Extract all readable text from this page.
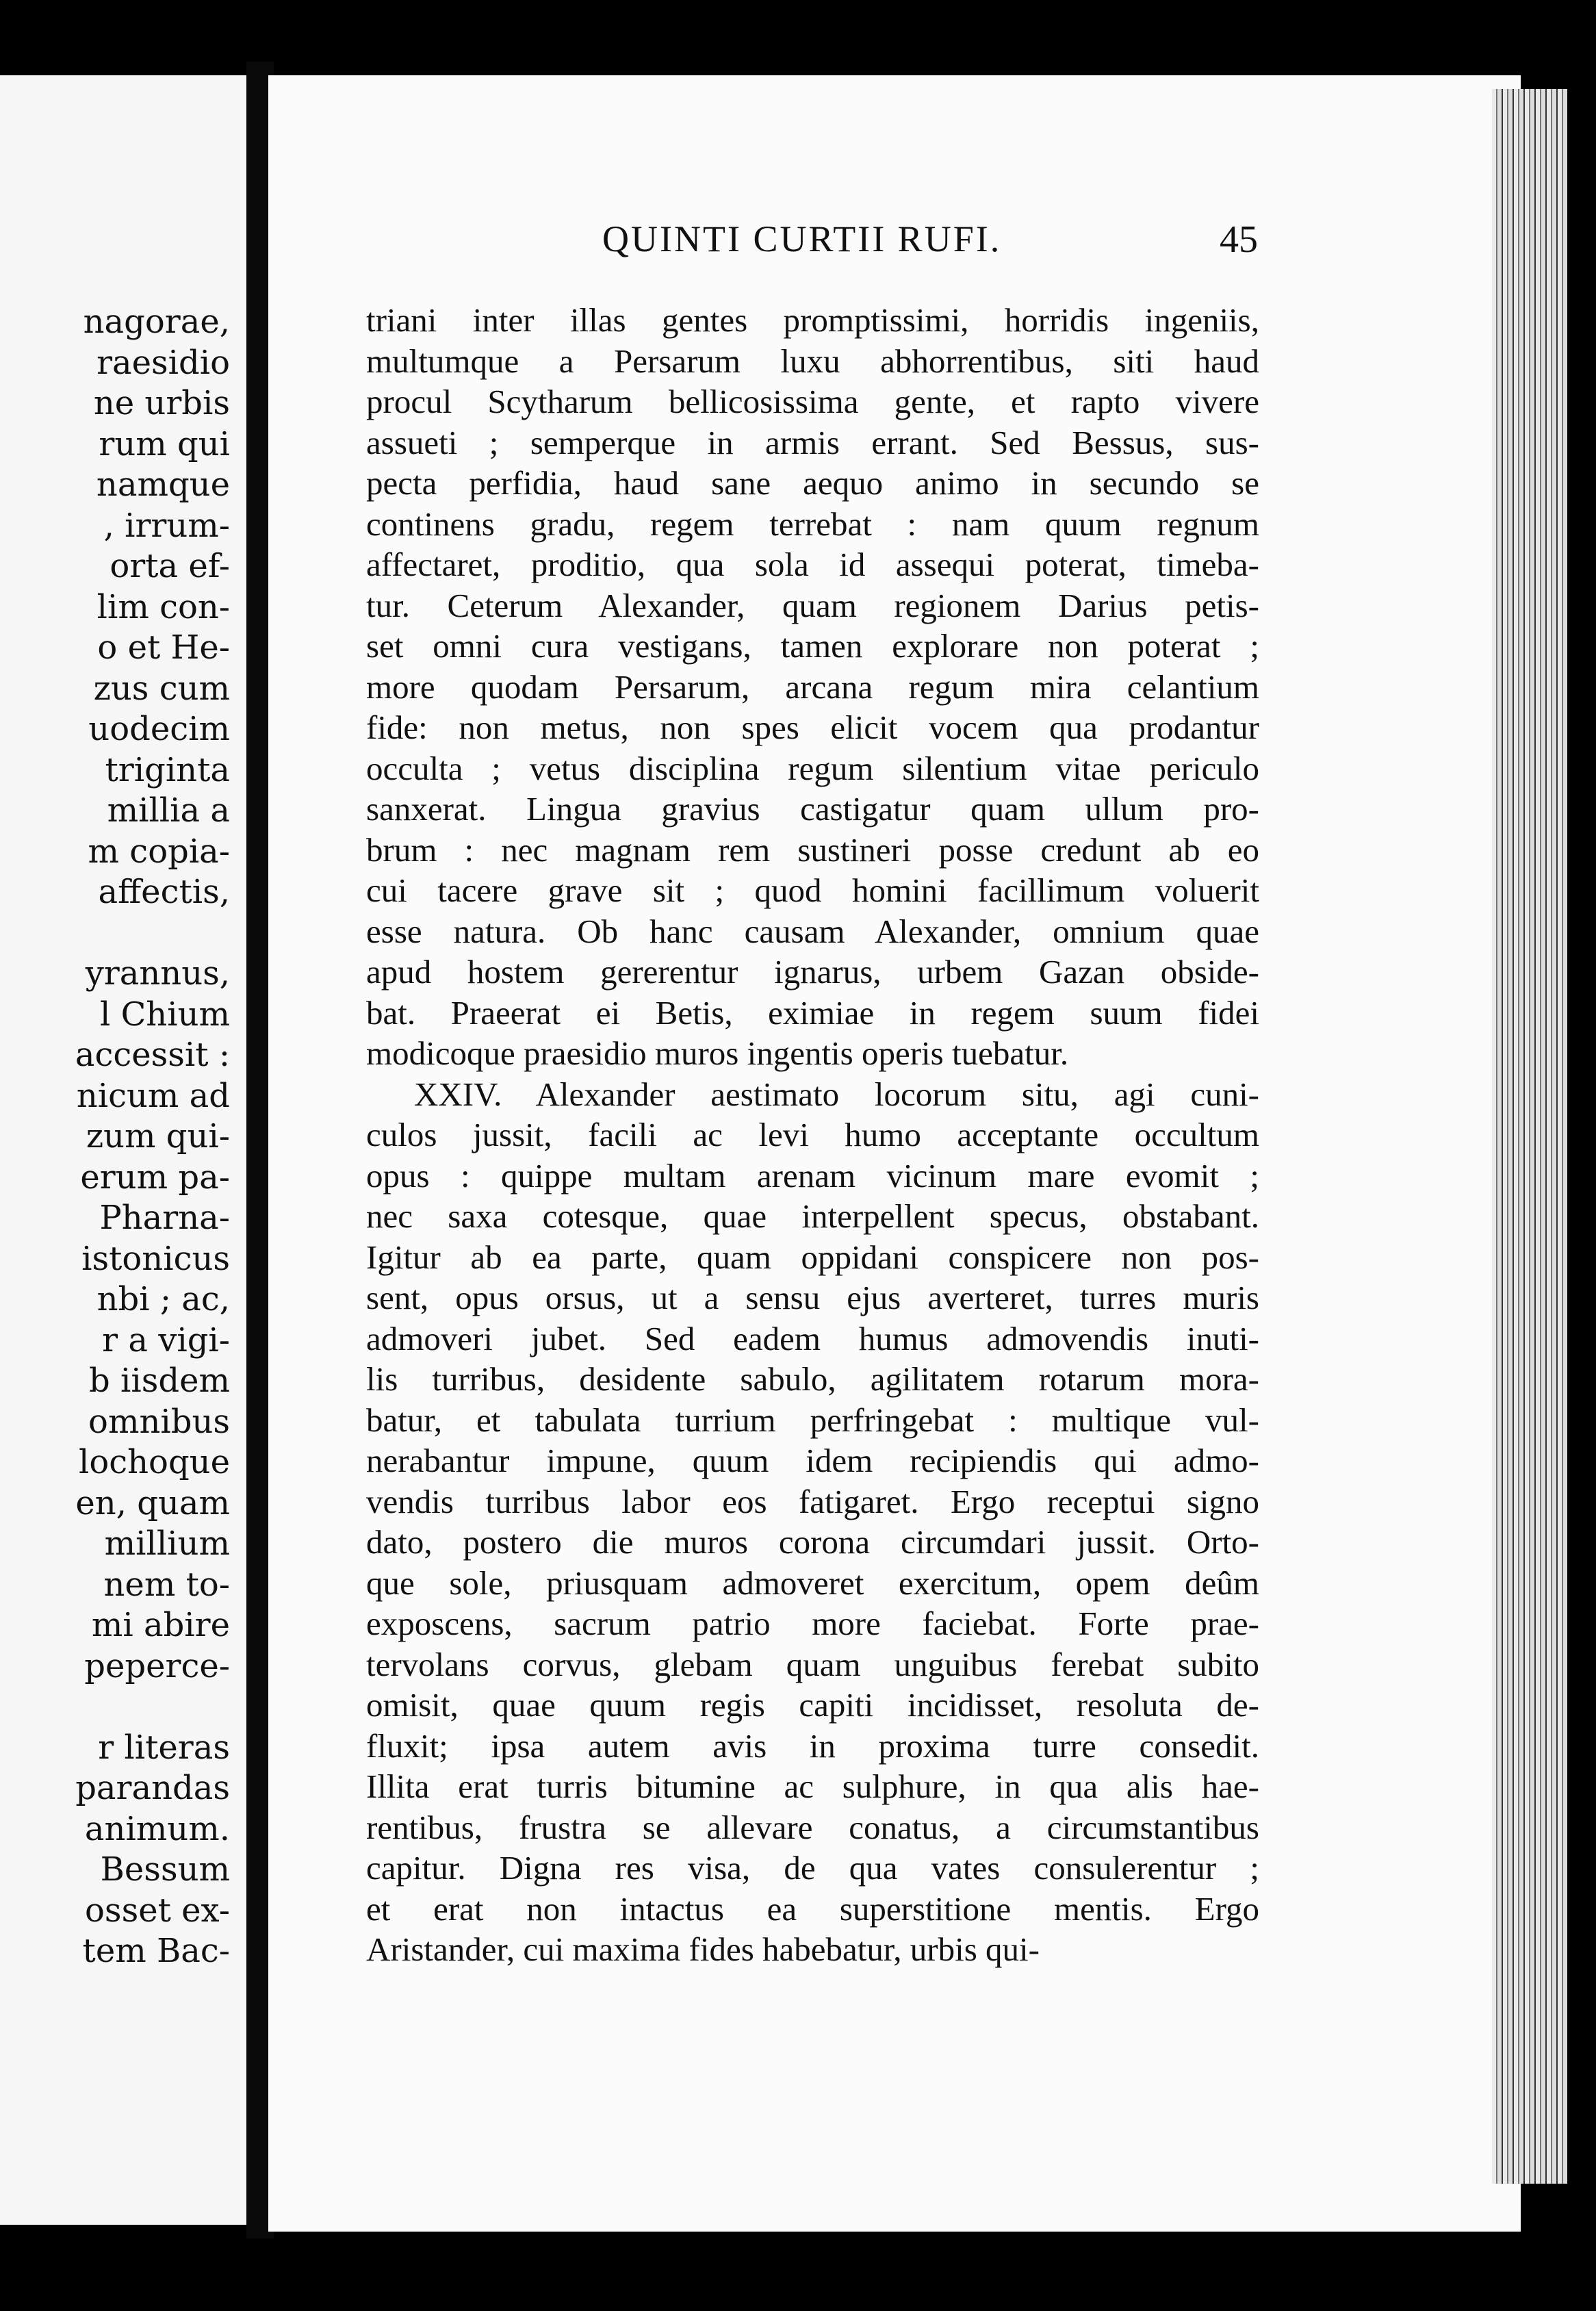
nagorae,
raesidio
ne urbis
rum qui
namque
, irrum-
orta ef-
lim con-
o et He-
zus cum
uodecim
triginta
millia a
m copia-
affectis,
yrannus,
l Chium
accessit :
nicum ad
zum qui-
erum pa-
Pharna-
istonicus
nbi ; ac,
r a vigi-
b iisdem
omnibus
lochoque
en, quam
millium
nem to-
mi abire
peperce-
r literas
parandas
animum.
Bessum
osset ex-
tem Bac-
QUINTI CURTII RUFI.	45
triani inter illas gentes promptissimi, horridis ingeniis,
multumque a Persarum luxu abhorrentibus, siti haud
procul Scytharum bellicosissima gente, et rapto vivere
assueti ; semperque in armis errant. Sed Bessus, sus-
pecta perfidia, haud sane aequo animo in secundo se
continens gradu, regem terrebat : nam quum regnum
affectaret, proditio, qua sola id assequi poterat, timeba-
tur. Ceterum Alexander, quam regionem Darius petis-
set omni cura vestigans, tamen explorare non poterat ;
more quodam Persarum, arcana regum mira celantium
fide: non metus, non spes elicit vocem qua prodantur
occulta ; vetus disciplina regum silentium vitae periculo
sanxerat. Lingua gravius castigatur quam ullum pro-
brum : nec magnam rem sustineri posse credunt ab eo
cui tacere grave sit ; quod homini facillimum voluerit
esse natura. Ob hanc causam Alexander, omnium quae
apud hostem gererentur ignarus, urbem Gazan obside-
bat. Praeerat ei Betis, eximiae in regem suum fidei
modicoque praesidio muros ingentis operis tuebatur.
XXIV. Alexander aestimato locorum situ, agi cuni-
culos jussit, facili ac levi humo acceptante occultum
opus : quippe multam arenam vicinum mare evomit ;
nec saxa cotesque, quae interpellent specus, obstabant.
Igitur ab ea parte, quam oppidani conspicere non pos-
sent, opus orsus, ut a sensu ejus averteret, turres muris
admoveri jubet. Sed eadem humus admovendis inuti-
lis turribus, desidente sabulo, agilitatem rotarum mora-
batur, et tabulata turrium perfringebat : multique vul-
nerabantur impune, quum idem recipiendis qui admo-
vendis turribus labor eos fatigaret. Ergo receptui signo
dato, postero die muros corona circumdari jussit. Orto-
que sole, priusquam admoveret exercitum, opem deûm
exposcens, sacrum patrio more faciebat. Forte prae-
tervolans corvus, glebam quam unguibus ferebat subito
omisit, quae quum regis capiti incidisset, resoluta de-
fluxit; ipsa autem avis in proxima turre consedit.
Illita erat turris bitumine ac sulphure, in qua alis hae-
rentibus, frustra se allevare conatus, a circumstantibus
capitur. Digna res visa, de qua vates consulerentur ;
et erat non intactus ea superstitione mentis. Ergo
Aristander, cui maxima fides habebatur, urbis qui-
